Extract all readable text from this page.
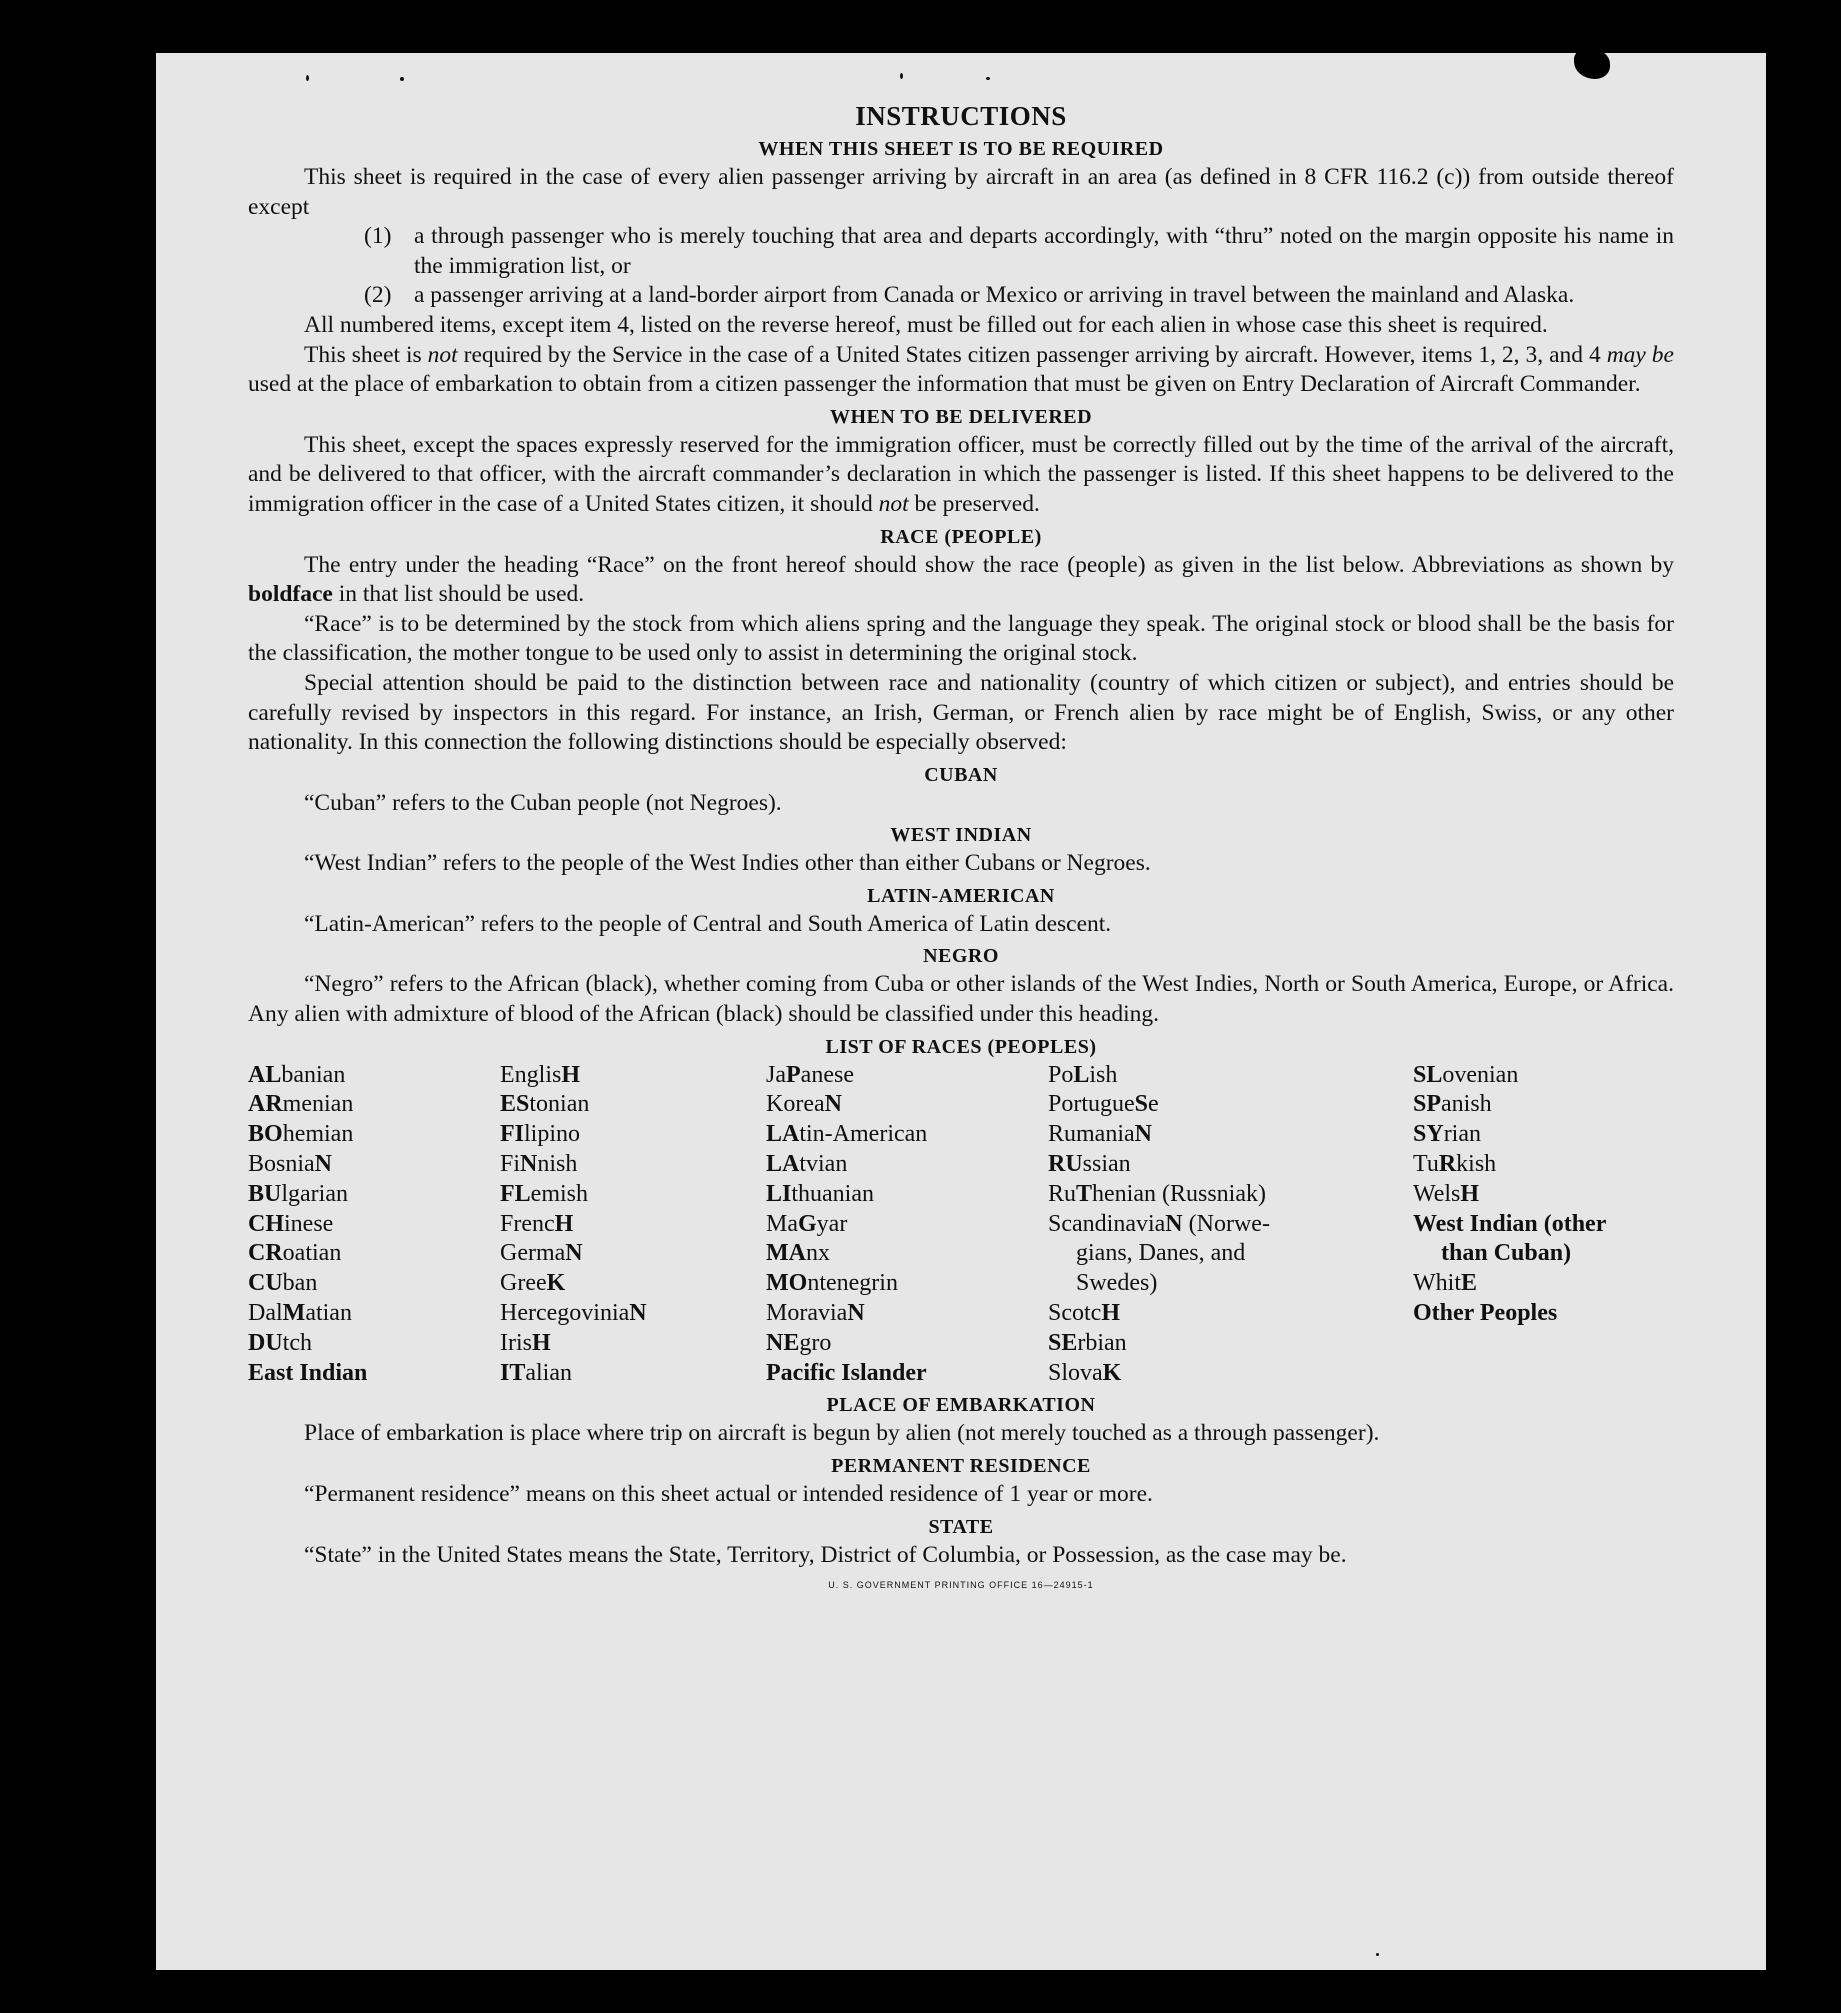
INSTRUCTIONS
WHEN THIS SHEET IS TO BE REQUIRED

This sheet is required in the case of every alien passenger arriving by aircraft in an area (as defined in 8 CFR 116.2 (c)) from outside thereof except

(1) a through passenger who is merely touching that area and departs accordingly, with “thru” noted on the margin opposite his name in the immigration list, or
(2) a passenger arriving at a land-border airport from Canada or Mexico or arriving in travel between the mainland and Alaska.

All numbered items, except item 4, listed on the reverse hereof, must be filled out for each alien in whose case this sheet is required.

This sheet is not required by the Service in the case of a United States citizen passenger arriving by aircraft. However, items 1, 2, 3, and 4 may be used at the place of embarkation to obtain from a citizen passenger the information that must be given on Entry Declaration of Aircraft Commander.

WHEN TO BE DELIVERED

This sheet, except the spaces expressly reserved for the immigration officer, must be correctly filled out by the time of the arrival of the aircraft, and be delivered to that officer, with the aircraft commander’s declaration in which the passenger is listed. If this sheet happens to be delivered to the immigration officer in the case of a United States citizen, it should not be preserved.

RACE (PEOPLE)

The entry under the heading “Race” on the front hereof should show the race (people) as given in the list below. Abbreviations as shown by boldface in that list should be used.

“Race” is to be determined by the stock from which aliens spring and the language they speak. The original stock or blood shall be the basis for the classification, the mother tongue to be used only to assist in determining the original stock.

Special attention should be paid to the distinction between race and nationality (country of which citizen or subject), and entries should be carefully revised by inspectors in this regard. For instance, an Irish, German, or French alien by race might be of English, Swiss, or any other nationality. In this connection the following distinctions should be especially observed:

CUBAN

“Cuban” refers to the Cuban people (not Negroes).

WEST INDIAN

“West Indian” refers to the people of the West Indies other than either Cubans or Negroes.

LATIN-AMERICAN

“Latin-American” refers to the people of Central and South America of Latin descent.

NEGRO

“Negro” refers to the African (black), whether coming from Cuba or other islands of the West Indies, North or South America, Europe, or Africa. Any alien with admixture of blood of the African (black) should be classified under this heading.

LIST OF RACES (PEOPLES)
ALbanian
ARmenian
BOhemian
BosniaN
BUlgarian
CHinese
CRoatian
CUban
DalMatian
DUtch
East Indian
EnglisH
EStonian
FIlipino
FiNnish
FLemish
FrencH
GermaN
GreeK
HercegoviniaN
IrisH
ITalian
JaPanese
KoreaN
LAtin-American
LAtvian
LIthuanian
MaGyar
MAnx
MOntenegrin
MoraviaN
NEgro
Pacific Islander
PoLish
PortugueSe
RumaniaN
RUssian
RuThenian (Russniak)
ScandinaviaN (Norwe-
gians, Danes, and
Swedes)
ScotcH
SErbian
SlovaK
SLovenian
SPanish
SYrian
TuRkish
WelsH
West Indian (other
than Cuban)
WhitE
Other Peoples
PLACE OF EMBARKATION

Place of embarkation is place where trip on aircraft is begun by alien (not merely touched as a through passenger).

PERMANENT RESIDENCE

“Permanent residence” means on this sheet actual or intended residence of 1 year or more.

STATE

“State” in the United States means the State, Territory, District of Columbia, or Possession, as the case may be.

U. S. GOVERNMENT PRINTING OFFICE 16—24915-1
